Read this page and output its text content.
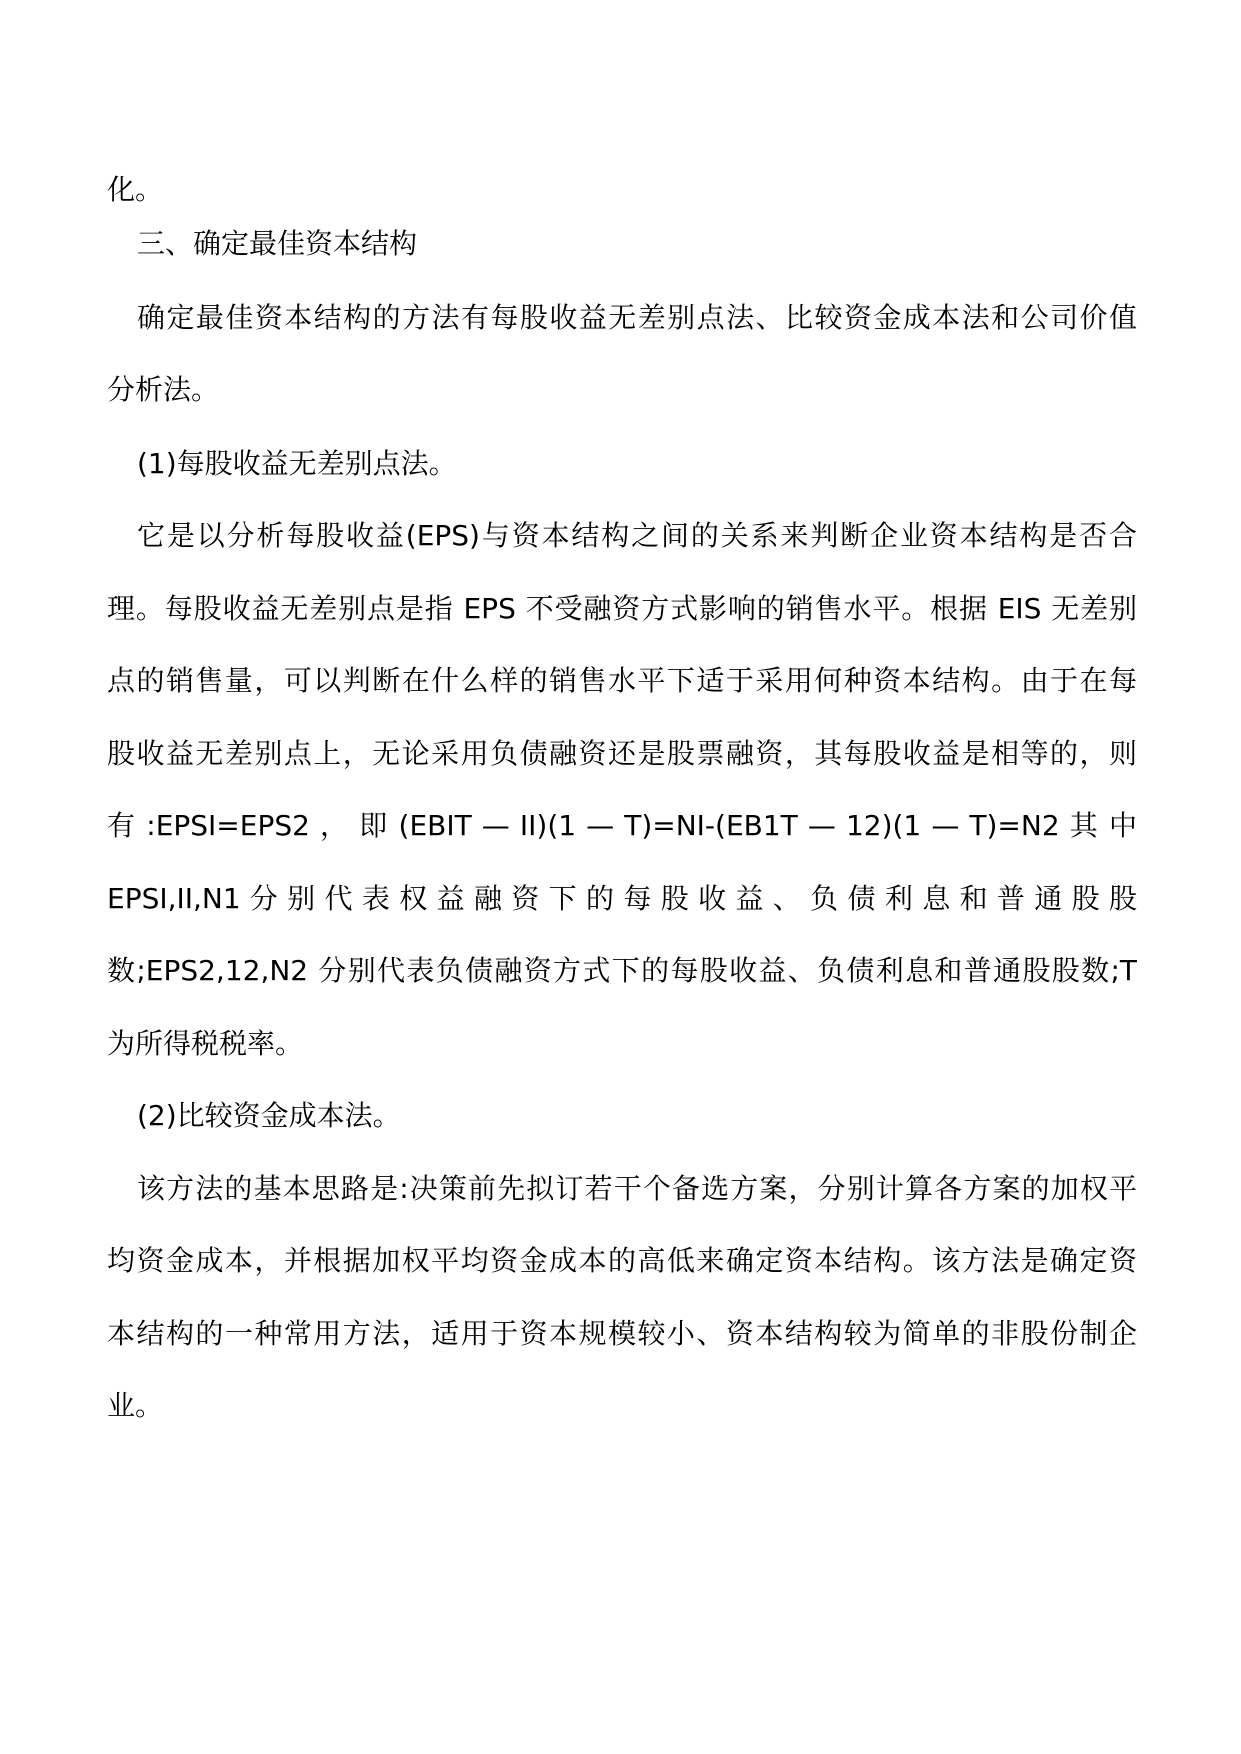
化。
三、确定最佳资本结构
确定最佳资本结构的方法有每股收益无差别点法、比较资金成本法和公司价值
分析法。
(1)每股收益无差别点法。
它是以分析每股收益(EPS)与资本结构之间的关系来判断企业资本结构是否合
理。每股收益无差别点是指 EPS 不受融资方式影响的销售水平。根据 EIS 无差别
点的销售量，可以判断在什么样的销售水平下适于采用何种资本结构。由于在每
股收益无差别点上，无论采用负债融资还是股票融资，其每股收益是相等的，则
有 :EPSI=EPS2 ， 即 (EBIT — II)(1 — T)=NI-(EB1T — 12)(1 — T)=N2 其 中
EPSI,II,N1 分 别 代 表 权 益 融 资 下 的 每 股 收 益 、 负 债 利 息 和 普 通 股 股
数;EPS2,12,N2 分别代表负债融资方式下的每股收益、负债利息和普通股股数;T
为所得税税率。
(2)比较资金成本法。
该方法的基本思路是:决策前先拟订若干个备选方案，分别计算各方案的加权平
均资金成本，并根据加权平均资金成本的高低来确定资本结构。该方法是确定资
本结构的一种常用方法，适用于资本规模较小、资本结构较为简单的非股份制企
业。
